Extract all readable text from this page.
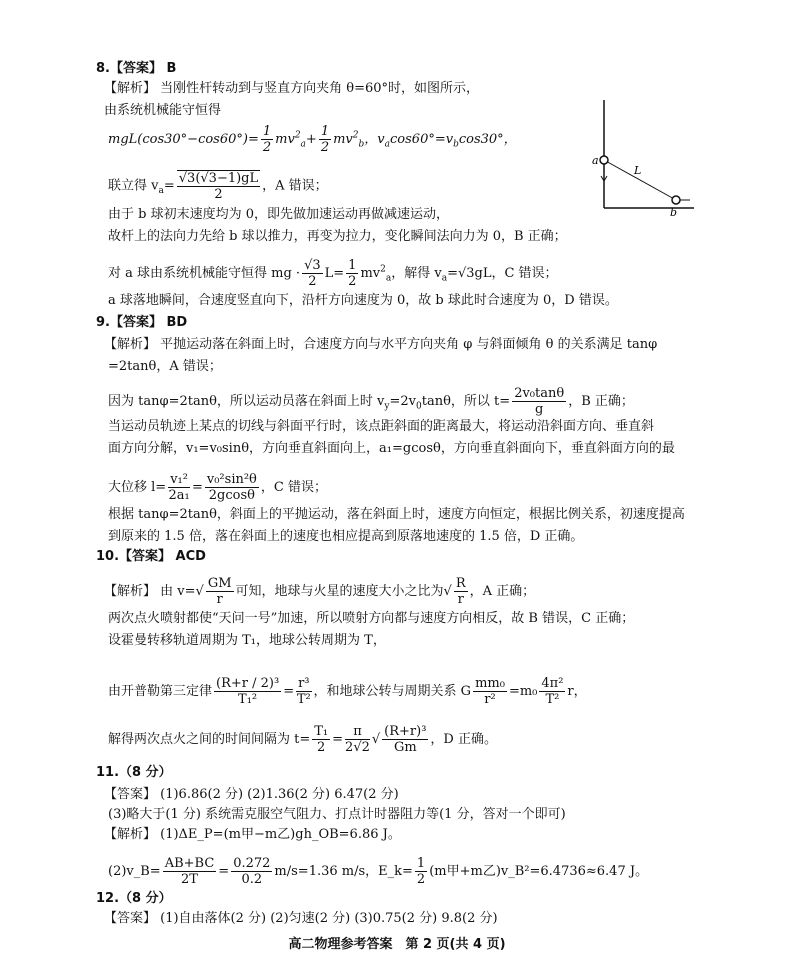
8.【答案】 B
【解析】 当刚性杆转动到与竖直方向夹角 θ=60°时，如图所示，
由系统机械能守恒得
$mgL(\cos 30^\circ-\cos 60^\circ)= \frac{1}{2} mv^2_a+ \frac{1}{2} mv^2_b$，$v_a\cos 60^\circ=v_b\cos 30^\circ$，
联立得 $v_a= \frac{√3(√3-1)gL}{2}$ ，A 错误；
由于 b 球初末速度均为 0，即先做加速运动再做减速运动，
故杆上的法向力先给 b 球以推力，再变为拉力，变化瞬间法向力为 0，B 正确；
对 a 球由系统机械能守恒得 mg · $\frac{√3}{2} L= \frac{1}{2} mv^2_a$，解得 $v_a=√3gL$，C 错误；
a 球落地瞬间，合速度竖直向下，沿杆方向速度为 0，故 b 球此时合速度为 0，D 错误。
a
b
L
9.【答案】 BD
【解析】 平抛运动落在斜面上时，合速度方向与水平方向夹角 φ 与斜面倾角 θ 的关系满足 tanφ
=2tanθ，A 错误；
因为 tanφ=2tanθ，所以运动员落在斜面上时 $v_y=2v_0\tan\theta$，所以 $t= \frac{\text{2v₀tanθ}}{g}$ ，B 正确；
当运动员轨迹上某点的切线与斜面平行时，该点距斜面的距离最大，将运动沿斜面方向、垂直斜
面方向分解，v₁=v₀sinθ，方向垂直斜面向上，a₁=gcosθ，方向垂直斜面向下，垂直斜面方向的最
大位移 $l= \frac{\text{v₁²}}{\text{2a₁}} = \frac{\text{v₀²sin²θ}}{2gcos\theta}$ ，C 错误；
根据 tanφ=2tanθ，斜面上的平抛运动，落在斜面上时，速度方向恒定，根据比例关系，初速度提高
到原来的 1.5 倍，落在斜面上的速度也相应提高到原落地速度的 1.5 倍，D 正确。
10.【答案】 ACD
【解析】 由 $v=√ \frac{GM}{r}$ 可知，地球与火星的速度大小之比为√ $\frac{R}{r}$ ，A 正确；
两次点火喷射都使“天问一号”加速，所以喷射方向都与速度方向相反，故 B 错误，C 正确；
设霍曼转移轨道周期为 T₁，地球公转周期为 T，
由开普勒第三定律 $\frac{\text{(R+r / 2)³}}{\text{T₁²}} = \frac{\text{r³}}{\text{T²}}$ ，和地球公转与周期关系 G $\frac{\text{mm₀}}{\text{r²}} =m_0 \frac{\text{4π²}}{\text{T²}}$ r，
解得两次点火之间的时间间隔为 $t= \frac{\text{T₁}}{2} = \frac{\pi}{2√2}$ √ $\frac{\text{(R+r)³}}{Gm}$ ，D 正确。
11.（8 分）
【答案】 (1)6.86(2 分) (2)1.36(2 分) 6.47(2 分)
(3)略大于(1 分) 系统需克服空气阻力、打点计时器阻力等(1 分，答对一个即可)
【解析】 (1)ΔE_P=(m甲−m乙)gh_OB=6.86 J。
(2)v_B= $\frac{AB+BC}{2T} = \frac{0.272}{0.2} m/s=1.36$ m/s，E_k= $\frac{1}{2} (m$甲+m乙)v_B²=6.4736≈6.47 J。
12.（8 分）
【答案】 (1)自由落体(2 分) (2)匀速(2 分) (3)0.75(2 分) 9.8(2 分)
高二物理参考答案　第 2 页(共 4 页)
